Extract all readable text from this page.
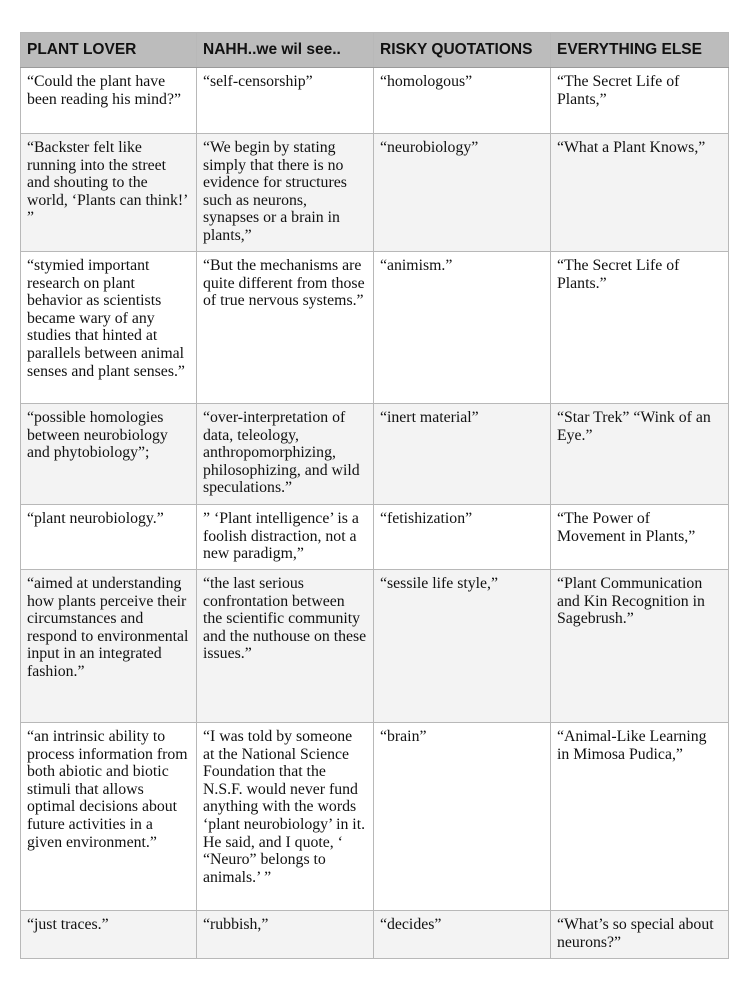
PLANT LOVER	NAHH..we wil see..	RISKY QUOTATIONS	EVERYTHING ELSE
“Could the plant have been reading his mind?”	“self-censorship”	“homologous”	“The Secret Life of Plants,”
“Backster felt like running into the street and shouting to the world, ‘Plants can think!’ ”	“We begin by stating simply that there is no evidence for structures such as neurons, synapses or a brain in plants,”	“neurobiology”	“What a Plant Knows,”
“stymied important research on plant behavior as scientists became wary of any studies that hinted at parallels between animal senses and plant senses.”	“But the mechanisms are quite different from those of true nervous systems.”	“animism.”	“The Secret Life of Plants.”
“possible homologies between neurobiology and phytobiology”;	“over-interpretation of data, teleology, anthropomorphizing, philosophizing, and wild speculations.”	“inert material”	“Star Trek” “Wink of an Eye.”
“plant neurobiology.”	” ‘Plant intelligence’ is a foolish distraction, not a new paradigm,”	“fetishization”	“The Power of Movement in Plants,”
“aimed at understanding how plants perceive their circumstances and respond to environmental input in an integrated fashion.”	“the last serious confrontation between the scientific community and the nuthouse on these issues.”	“sessile life style,”	“Plant Communication and Kin Recognition in Sagebrush.”
“an intrinsic ability to process information from both abiotic and biotic stimuli that allows optimal decisions about future activities in a given environment.”	“I was told by someone at the National Science Foundation that the N.S.F. would never fund anything with the words ‘plant neurobiology’ in it. He said, and I quote, ‘ “Neuro” belongs to animals.’ ”	“brain”	“Animal-Like Learning in Mimosa Pudica,”
“just traces.”	“rubbish,”	“decides”	“What’s so special about neurons?”
